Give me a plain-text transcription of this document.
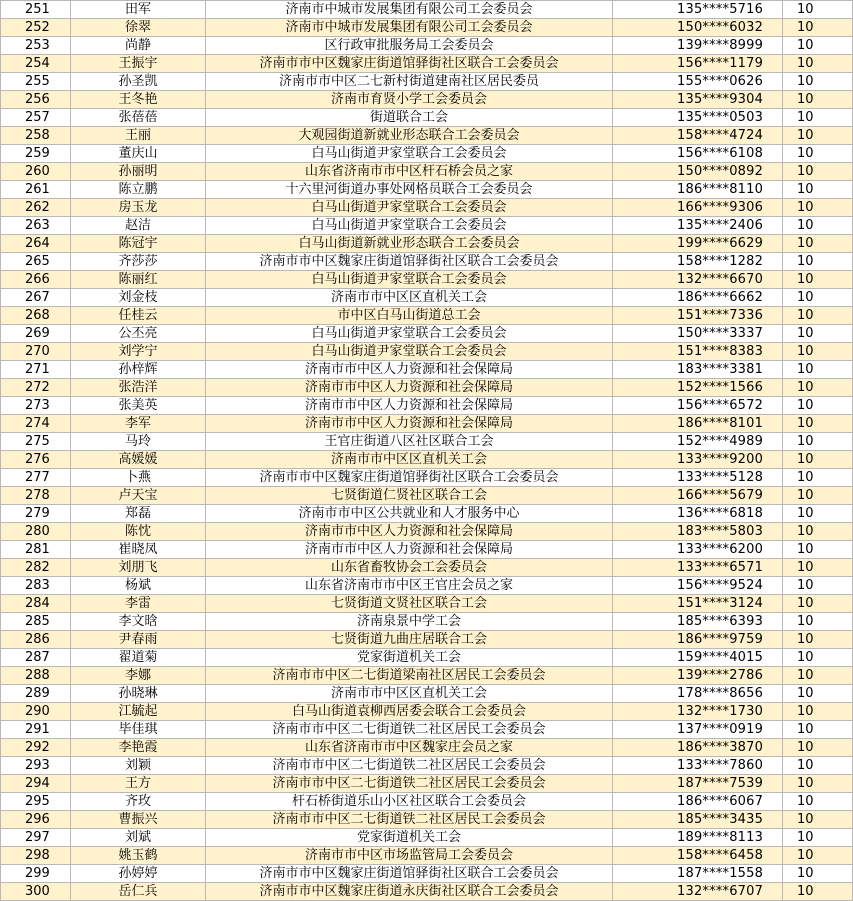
251	田军	济南市中城市发展集团有限公司工会委员会	135****5716	10
252	徐翠	济南市中城市发展集团有限公司工会委员会	150****6032	10
253	尚静	区行政审批服务局工会委员会	139****8999	10
254	王振宇	济南市市中区魏家庄街道馆驿街社区联合工会委员会	156****1179	10
255	孙圣凯	济南市市中区二七新村街道建南社区居民委员	155****0626	10
256	王冬艳	济南市育贤小学工会委员会	135****9304	10
257	张蓓蓓	街道联合工会	135****0503	10
258	王丽	大观园街道新就业形态联合工会委员会	158****4724	10
259	董庆山	白马山街道尹家堂联合工会委员会	156****6108	10
260	孙丽明	山东省济南市市中区杆石桥会员之家	150****0892	10
261	陈立鹏	十六里河街道办事处网格员联合工会委员会	186****8110	10
262	房玉龙	白马山街道尹家堂联合工会委员会	166****9306	10
263	赵洁	白马山街道尹家堂联合工会委员会	135****2406	10
264	陈冠宇	白马山街道新就业形态联合工会委员会	199****6629	10
265	齐莎莎	济南市市中区魏家庄街道馆驿街社区联合工会委员会	158****1282	10
266	陈丽红	白马山街道尹家堂联合工会委员会	132****6670	10
267	刘金枝	济南市市中区区直机关工会	186****6662	10
268	任桂云	市中区白马山街道总工会	151****7336	10
269	公丕亮	白马山街道尹家堂联合工会委员会	150****3337	10
270	刘学宁	白马山街道尹家堂联合工会委员会	151****8383	10
271	孙梓辉	济南市市中区人力资源和社会保障局	183****3381	10
272	张浩洋	济南市市中区人力资源和社会保障局	152****1566	10
273	张美英	济南市市中区人力资源和社会保障局	156****6572	10
274	李军	济南市市中区人力资源和社会保障局	186****8101	10
275	马玲	王官庄街道八区社区联合工会	152****4989	10
276	高媛媛	济南市市中区区直机关工会	133****9200	10
277	卜燕	济南市市中区魏家庄街道馆驿街社区联合工会委员会	133****5128	10
278	卢天宝	七贤街道仁贤社区联合工会	166****5679	10
279	郑磊	济南市市中区公共就业和人才服务中心	136****6818	10
280	陈忱	济南市市中区人力资源和社会保障局	183****5803	10
281	崔晓凤	济南市市中区人力资源和社会保障局	133****6200	10
282	刘朋飞	山东省畜牧协会工会委员会	133****6571	10
283	杨斌	山东省济南市市中区王官庄会员之家	156****9524	10
284	李雷	七贤街道文贤社区联合工会	151****3124	10
285	李文晗	济南泉景中学工会	185****6393	10
286	尹春雨	七贤街道九曲庄居联合工会	186****9759	10
287	翟道菊	党家街道机关工会	159****4015	10
288	李娜	济南市市中区二七街道梁南社区居民工会委员会	139****2786	10
289	孙晓琳	济南市市中区区直机关工会	178****8656	10
290	江毓起	白马山街道袁柳西居委会联合工会委员会	132****1730	10
291	毕佳琪	济南市市中区二七街道铁二社区居民工会委员会	137****0919	10
292	李艳霞	山东省济南市市中区魏家庄会员之家	186****3870	10
293	刘颖	济南市市中区二七街道铁二社区居民工会委员会	133****7860	10
294	王方	济南市市中区二七街道铁二社区居民工会委员会	187****7539	10
295	齐玫	杆石桥街道乐山小区社区联合工会委员会	186****6067	10
296	曹振兴	济南市市中区二七街道铁二社区居民工会委员会	185****3435	10
297	刘斌	党家街道机关工会	189****8113	10
298	姚玉鹤	济南市市中区市场监管局工会委员会	158****6458	10
299	孙婷婷	济南市市中区魏家庄街道馆驿街社区联合工会委员会	187****1558	10
300	岳仁兵	济南市市中区魏家庄街道永庆街社区联合工会委员会	132****6707	10
